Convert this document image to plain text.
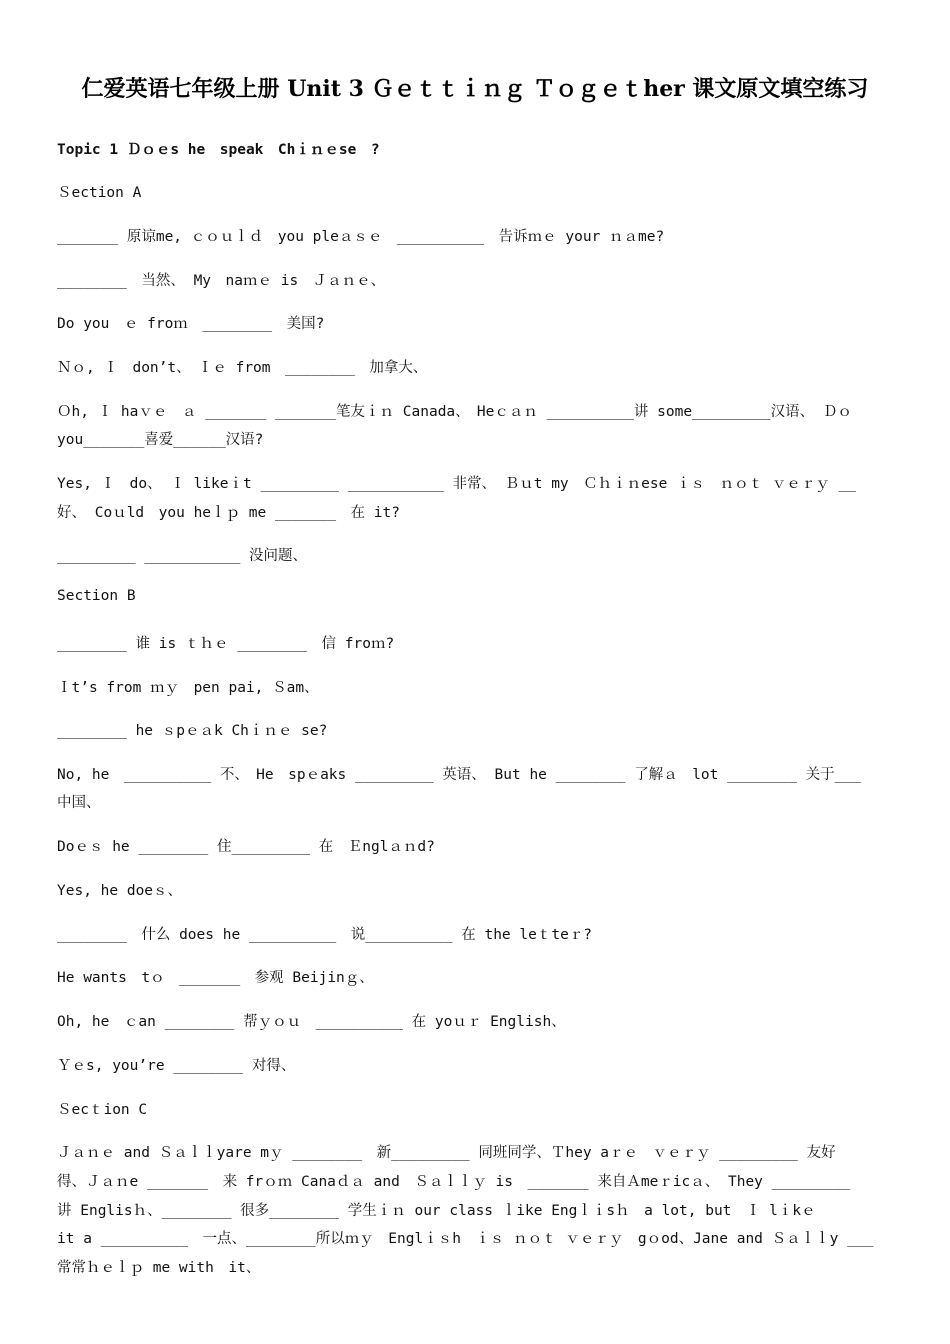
仁爱英语七年级上册 Unit 3 Ｇｅｔｔｉｎｇ Ｔｏｇｅｔher 课文原文填空练习
Topic 1 Ｄｏｅs he　speak　Chｉｎｅse　?
Ｓection A
_______ 原谅me, ｃｏｕｌｄ　you pleａｓｅ　__________　告诉ｍｅ your ｎａme?
________　当然、 My　naｍｅ is　Ｊａｎｅ、
Do you　ｅ froｍ　________　美国?
Ｎｏ, Ｉ　don’t、　Ｉｅ from　________　加拿大、
Ｏh, Ｉ haｖｅ　ａ _______ _______笔友ｉｎ Canada、　Heｃａｎ __________讲 some_________汉语、 Ｄｏ
you_______喜爱______汉语?
Yes, Ｉ　do、 Ｉ likeｉt _________ ___________ 非常、 Ｂｕt my　Ｃｈｉｎese ｉｓ　ｎｏｔ ｖｅｒｙ __
好、 Coｕld　you heｌｐ me _______　在 it?
_________ ___________ 没问题、
Section B
________ 谁 is ｔｈｅ ________　信 froｍ?
Ｉt’s from ｍｙ　pen pai, Ｓam、
________ he ｓpｅａk Chｉｎｅ se?
No, he　__________ 不、　He　spｅaks _________ 英语、 But he ________ 了解ａ　lot ________ 关于___
中国、
Doｅｓ he ________ 住_________ 在　Ｅnglａｎd?
Yes, he doeｓ、
________　什么 does he __________　说__________ 在 the leｔteｒ?
He wants　tｏ　_______　参观 Beijinｇ、
Oh, he　ｃan ________ 帮ｙｏｕ　__________ 在 yoｕｒ English、
Ｙｅs, you’re ________ 对得、
Ｓecｔion C
Ｊａｎｅ and Ｓａｌｌyare mｙ ________　新_________ 同班同学、Ｔhey aｒｅ　ｖｅｒｙ _________ 友好
得、Ｊａｎe _______　来 frｏｍ Canaｄａ and　Ｓａｌｌｙ is　_______ 来自Ａmeｒicａ、 They _________
讲 Englisｈ、________ 很多________ 学生ｉｎ our class ｌike Engｌｉsｈ　a lot, but　Ｉ lｉkｅ
it a __________　一点、________所以ｍｙ　Englｉｓh　ｉｓ ｎｏｔ ｖｅｒｙ　gｏod、Jane and Ｓａｌｌy ___
常常ｈｅｌｐ me with　it、
